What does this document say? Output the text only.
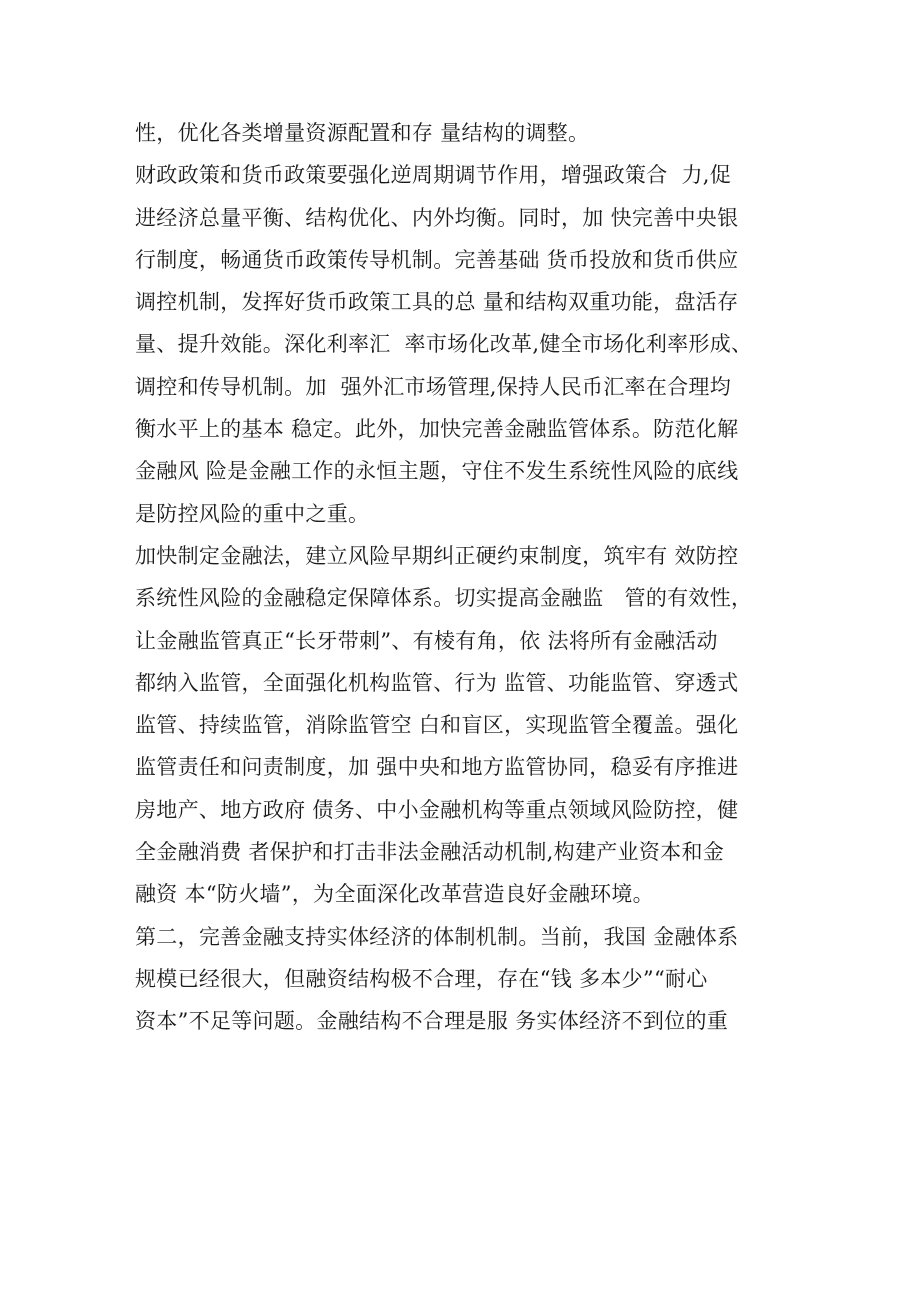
性，优化各类增量资源配置和存 量结构的调整。

财政政策和货币政策要强化逆周期调节作用，增强政策合  力,促

进经济总量平衡、结构优化、内外均衡。同时，加 快完善中央银

行制度，畅通货币政策传导机制。完善基础 货币投放和货币供应

调控机制，发挥好货币政策工具的总 量和结构双重功能，盘活存

量、提升效能。深化利率汇  率市场化改革,健全市场化利率形成、

调控和传导机制。加  强外汇市场管理,保持人民币汇率在合理均

衡水平上的基本 稳定。此外，加快完善金融监管体系。防范化解

金融风 险是金融工作的永恒主题，守住不发生系统性风险的底线

是防控风险的重中之重。

加快制定金融法，建立风险早期纠正硬约束制度，筑牢有 效防控

系统性风险的金融稳定保障体系。切实提高金融监   管的有效性，

让金融监管真正“长牙带刺”、有棱有角，依 法将所有金融活动

都纳入监管，全面强化机构监管、行为 监管、功能监管、穿透式

监管、持续监管，消除监管空 白和盲区，实现监管全覆盖。强化

监管责任和问责制度，加 强中央和地方监管协同，稳妥有序推进

房地产、地方政府 债务、中小金融机构等重点领域风险防控，健

全金融消费 者保护和打击非法金融活动机制,构建产业资本和金

融资 本“防火墙”，为全面深化改革营造良好金融环境。

第二，完善金融支持实体经济的体制机制。当前，我国 金融体系

规模已经很大，但融资结构极不合理，存在“钱 多本少”“耐心

资本”不足等问题。金融结构不合理是服 务实体经济不到位的重
